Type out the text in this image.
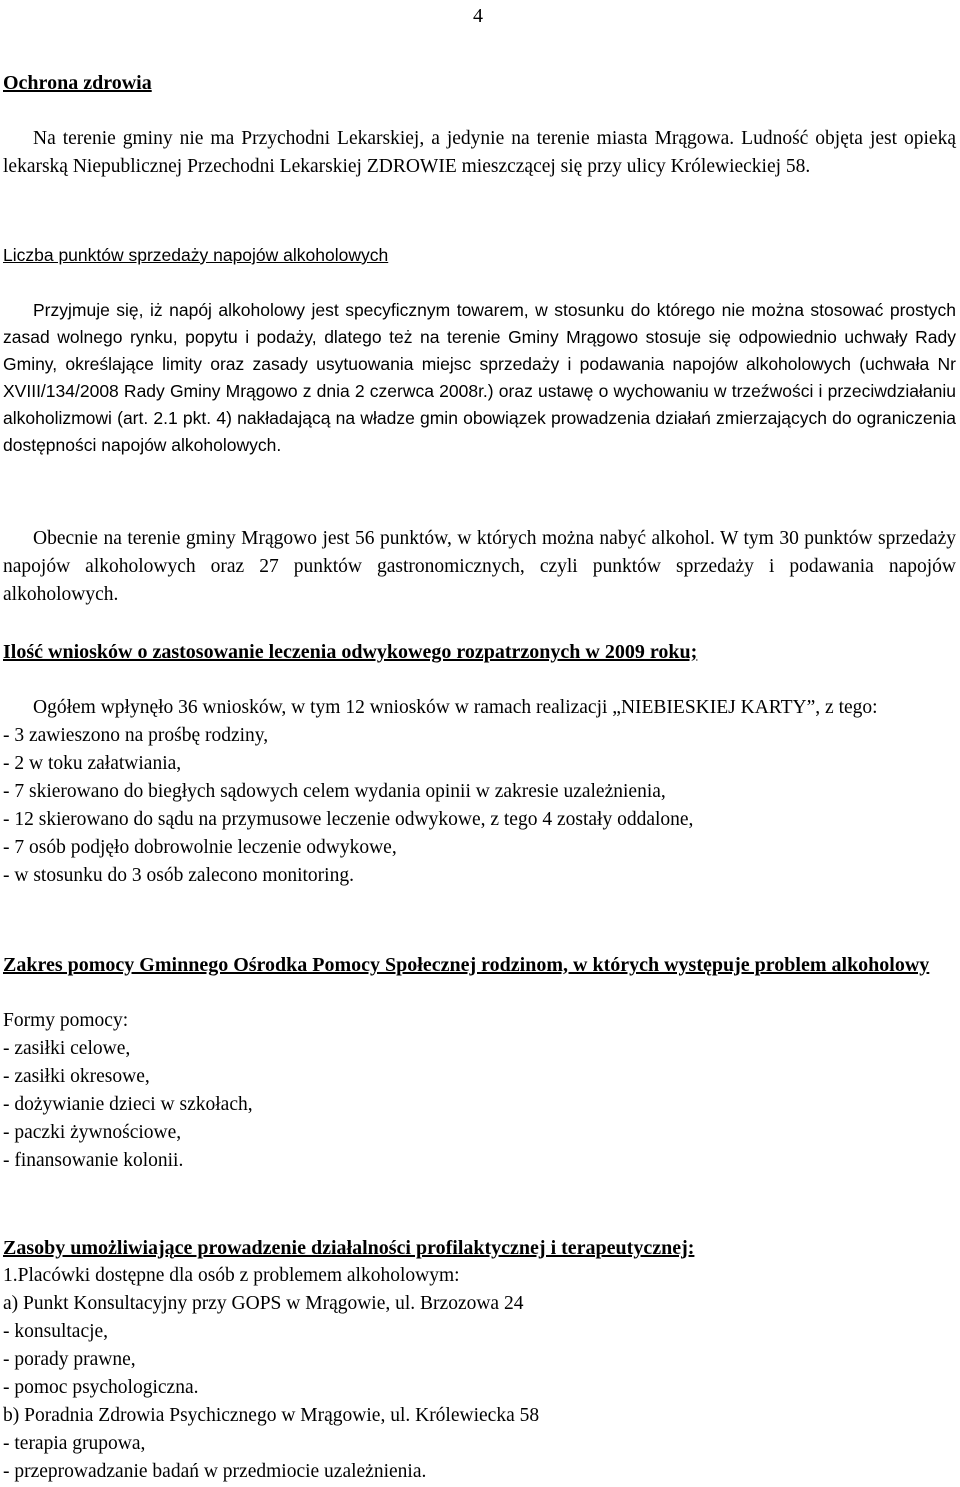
4

Ochrona zdrowia

Na terenie gminy nie ma Przychodni Lekarskiej, a jedynie na terenie miasta Mrągowa. Ludność objęta jest opieką lekarską Niepublicznej Przechodni Lekarskiej ZDROWIE mieszczącej się przy ulicy Królewieckiej 58.

Liczba punktów sprzedaży napojów alkoholowych

Przyjmuje się, iż napój alkoholowy jest specyficznym towarem, w stosunku do którego nie można stosować prostych zasad wolnego rynku, popytu i podaży, dlatego też na terenie Gminy Mrągowo stosuje się odpowiednio uchwały Rady Gminy, określające limity oraz zasady usytuowania miejsc sprzedaży i podawania napojów alkoholowych (uchwała Nr XVIII/134/2008 Rady Gminy Mrągowo z dnia 2 czerwca 2008r.) oraz ustawę o wychowaniu w trzeźwości i przeciwdziałaniu alkoholizmowi (art. 2.1 pkt. 4) nakładającą na władze gmin obowiązek prowadzenia działań zmierzających do ograniczenia dostępności napojów alkoholowych.

Obecnie na terenie gminy Mrągowo jest 56 punktów, w których można nabyć alkohol. W tym 30 punktów sprzedaży napojów alkoholowych oraz 27 punktów gastronomicznych, czyli punktów sprzedaży i podawania napojów alkoholowych.

Ilość wniosków o zastosowanie leczenia odwykowego rozpatrzonych w 2009 roku;

Ogółem wpłynęło 36 wniosków, w tym 12 wniosków w ramach realizacji „NIEBIESKIEJ KARTY”, z tego:

- 3 zawieszono na prośbę rodziny,

- 2 w toku załatwiania,

- 7 skierowano do biegłych sądowych celem wydania opinii w zakresie uzależnienia,

- 12 skierowano do sądu na przymusowe leczenie odwykowe, z tego 4 zostały oddalone,

- 7 osób podjęło dobrowolnie leczenie odwykowe,

- w stosunku do 3 osób zalecono monitoring.

Zakres pomocy Gminnego Ośrodka Pomocy Społecznej rodzinom, w których występuje problem alkoholowy

Formy pomocy:

- zasiłki celowe,

- zasiłki okresowe,

- dożywianie dzieci w szkołach,

- paczki żywnościowe,

- finansowanie kolonii.

Zasoby umożliwiające prowadzenie działalności profilaktycznej i terapeutycznej:

1.Placówki dostępne dla osób z problemem alkoholowym:

a) Punkt Konsultacyjny przy GOPS w Mrągowie, ul. Brzozowa 24

- konsultacje,

- porady prawne,

- pomoc psychologiczna.

b) Poradnia Zdrowia Psychicznego w Mrągowie, ul. Królewiecka 58

- terapia grupowa,

- przeprowadzanie badań w przedmiocie uzależnienia.
